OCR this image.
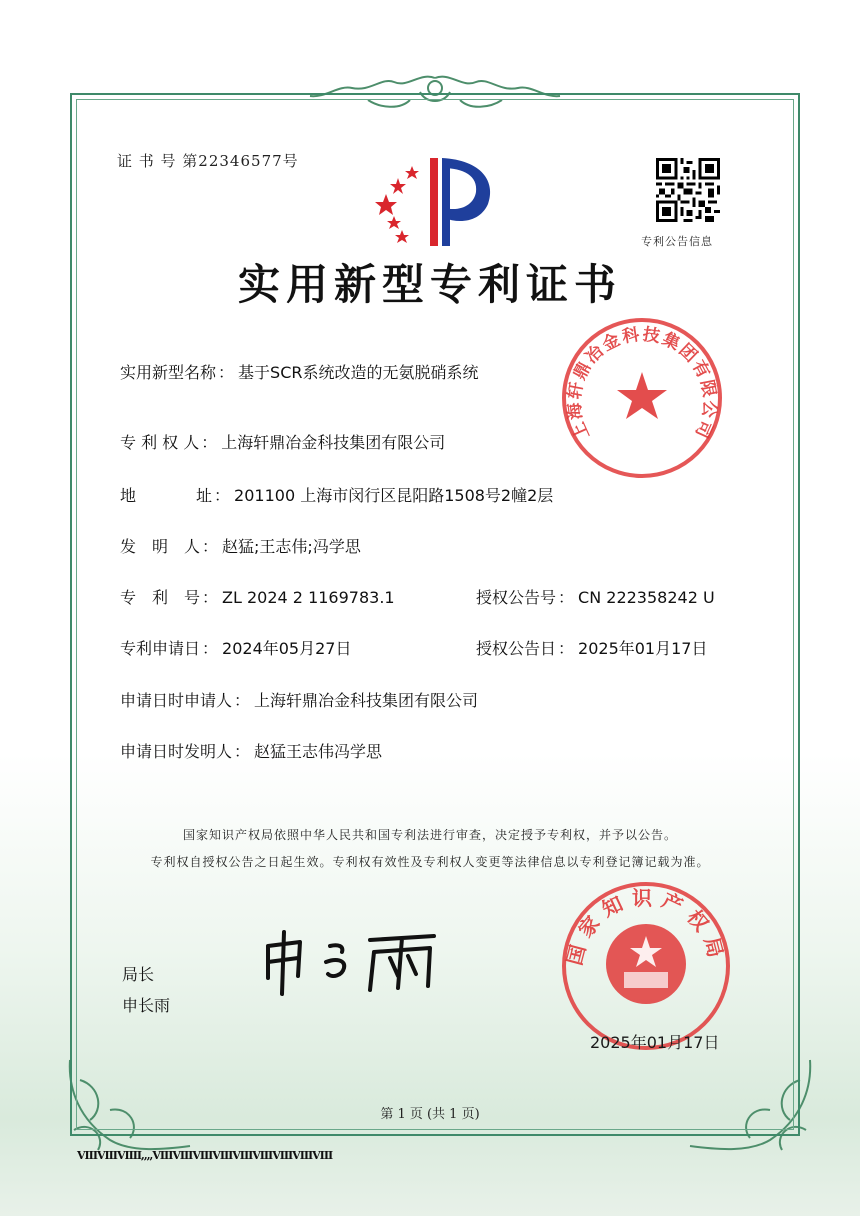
证 书 号 第22346577号
专利公告信息
实用新型专利证书
实用新型名称 ： 基于SCR系统改造的无氨脱硝系统
专 利 权 人 ： 上海轩鼎冶金科技集团有限公司
地	址 ： 201100 上海市闵行区昆阳路1508号2幢2层
发　明　人 ： 赵猛;王志伟;冯学思
专　利　号 ： ZL 2024 2 1169783.1	授权公告号 ： CN 222358242 U
专利申请日 ： 2024年05月27日	授权公告日 ： 2025年01月17日
申请日时申请人 ： 上海轩鼎冶金科技集团有限公司
申请日时发明人 ： 赵猛王志伟冯学思
上海轩鼎冶金科技集团有限公司
国家知识产权局依照中华人民共和国专利法进行审查，决定授予专利权，并予以公告。
专利权自授权公告之日起生效。专利权有效性及专利权人变更等法律信息以专利登记簿记载为准。
局长
申长雨
国家知识产权局
2025年01月17日
第 1 页 (共 1 页)
VIIIVIIIVIIII,,,,VIIIVIIIVIIIVIIIVIIIVIIIVIIIVIIIVIII
